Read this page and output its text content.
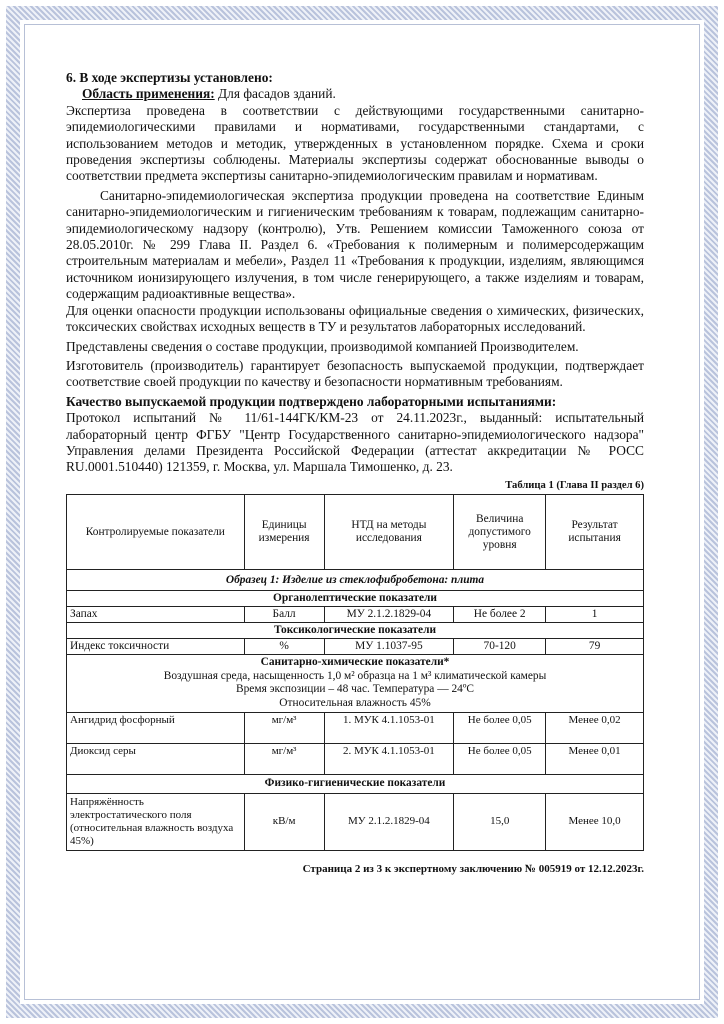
6. В ходе экспертизы установлено:

Область применения: Для фасадов зданий.

Экспертиза проведена в соответствии с действующими государственными санитарно-эпидемиологическими правилами и нормативами, государственными стандартами, с использованием методов и методик, утвержденных в установленном порядке. Схема и сроки проведения экспертизы соблюдены. Материалы экспертизы содержат обоснованные выводы о соответствии предмета экспертизы санитарно-эпидемиологическим правилам и нормативам.

Санитарно-эпидемиологическая экспертиза продукции проведена на соответствие Единым санитарно-эпидемиологическим и гигиеническим требованиям к товарам, подлежащим санитарно-эпидемиологическому надзору (контролю), Утв. Решением комиссии Таможенного союза от 28.05.2010г. № 299 Глава II. Раздел 6. «Требования к полимерным и полимерсодержащим строительным материалам и мебели», Раздел 11 «Требования к продукции, изделиям, являющимся источником ионизирующего излучения, в том числе генерирующего, а также изделиям и товарам, содержащим радиоактивные вещества».

Для оценки опасности продукции использованы официальные сведения о химических, физических, токсических свойствах исходных веществ в ТУ и результатов лабораторных исследований.

Представлены сведения о составе продукции, производимой компанией Производителем.

Изготовитель (производитель) гарантирует безопасность выпускаемой продукции, подтверждает соответствие своей продукции по качеству и безопасности нормативным требованиям.

Качество выпускаемой продукции подтверждено лабораторными испытаниями:

Протокол испытаний № 11/61-144ГК/КМ-23 от 24.11.2023г., выданный: испытательный лабораторный центр ФГБУ "Центр Государственного санитарно-эпидемиологического надзора" Управления делами Президента Российской Федерации (аттестат аккредитации № РОСС RU.0001.510440) 121359, г. Москва, ул. Маршала Тимошенко, д. 23.

Таблица 1 (Глава II раздел 6)
Контролируемые показатели	Единицы измерения	НТД на методы исследования	Величина допустимого уровня	Результат испытания
Образец 1: Изделие из стеклофибробетона: плита				
Органолептические показатели				
Запах	Балл	МУ 2.1.2.1829-04	Не более 2	1
Токсикологические показатели				
Индекс токсичности	%	МУ 1.1037-95	70-120	79

Санитарно-химические показатели*
Воздушная среда, насыщенность 1,0 м² образца на 1 м³ климатической камеры
Время экспозиции – 48 час. Температура — 24ºС
Относительная влажность 45%				

Ангидрид фосфорный	мг/м³	1. МУК 4.1.1053-01	Не более 0,05	Менее 0,02
Диоксид серы	мг/м³	2. МУК 4.1.1053-01	Не более 0,05	Менее 0,01
Физико-гигиенические показатели				
Напряжённость электростатического поля (относительная влажность воздуха 45%)	кВ/м	МУ 2.1.2.1829-04	15,0	Менее 10,0
Страница 2 из 3 к экспертному заключению № 005919 от 12.12.2023г.
